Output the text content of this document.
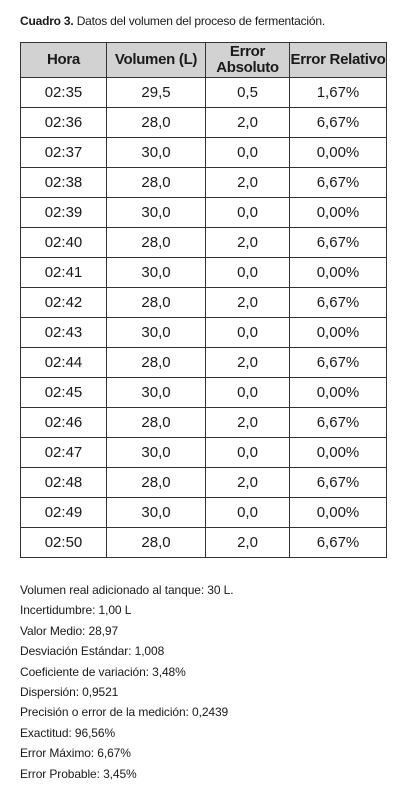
Cuadro 3. Datos del volumen del proceso de fermentación.
Hora	Volumen (L)	Error Absoluto	Error Relativo
02:35	29,5	0,5	1,67%
02:36	28,0	2,0	6,67%
02:37	30,0	0,0	0,00%
02:38	28,0	2,0	6,67%
02:39	30,0	0,0	0,00%
02:40	28,0	2,0	6,67%
02:41	30,0	0,0	0,00%
02:42	28,0	2,0	6,67%
02:43	30,0	0,0	0,00%
02:44	28,0	2,0	6,67%
02:45	30,0	0,0	0,00%
02:46	28,0	2,0	6,67%
02:47	30,0	0,0	0,00%
02:48	28,0	2,0	6,67%
02:49	30,0	0,0	0,00%
02:50	28,0	2,0	6,67%
Volumen real adicionado al tanque: 30 L.
Incertidumbre: 1,00 L
Valor Medio: 28,97
Desviación Estándar: 1,008
Coeficiente de variación: 3,48%
Dispersión: 0,9521
Precisión o error de la medición: 0,2439
Exactitud: 96,56%
Error Máximo: 6,67%
Error Probable: 3,45%
